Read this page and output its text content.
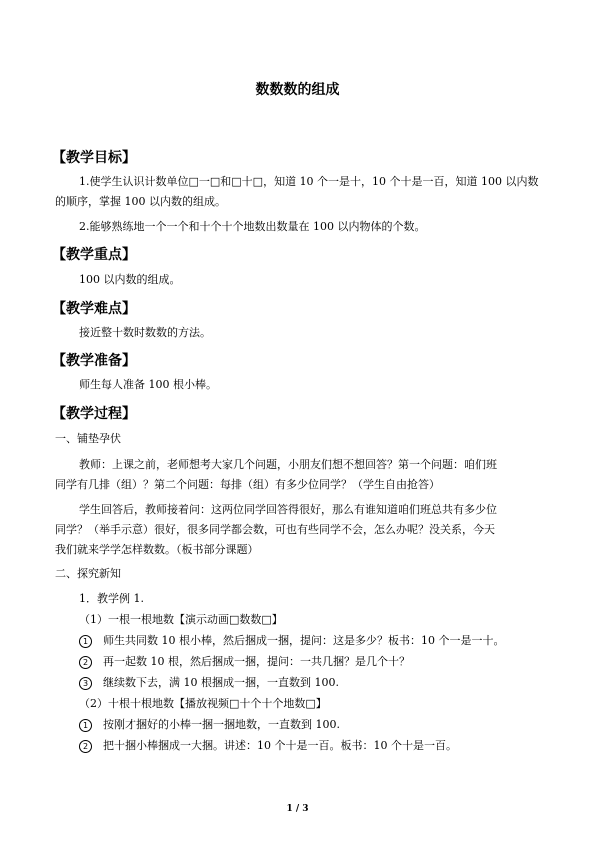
数数数的组成
【教学目标】
1.使学生认识计数单位□一□和□十□，知道 10 个一是十，10 个十是一百，知道 100 以内数
的顺序，掌握 100 以内数的组成。
2.能够熟练地一个一个和十个十个地数出数量在 100 以内物体的个数。
【教学重点】
100 以内数的组成。
【教学难点】
接近整十数时数数的方法。
【教学准备】
师生每人准备 100 根小棒。
【教学过程】
一、铺垫孕伏
教师：上课之前，老师想考大家几个问题，小朋友们想不想回答？第一个问题：咱们班
同学有几排（组）？第二个问题：每排（组）有多少位同学？（学生自由抢答）
学生回答后，教师接着问：这两位同学回答得很好，那么有谁知道咱们班总共有多少位
同学？（举手示意）很好，很多同学都会数，可也有些同学不会，怎么办呢？没关系，今天
我们就来学学怎样数数。（板书部分课题）
二、探究新知
1．教学例 1.
（1）一根一根地数【演示动画□数数□】
1	师生共同数 10 根小棒，然后捆成一捆，提问：这是多少？板书：10 个一是一十。
2	再一起数 10 根，然后捆成一捆，提问：一共几捆？是几个十？
3	继续数下去，满 10 根捆成一捆，一直数到 100.
（2）十根十根地数【播放视频□十个十个地数□】
1	按刚才捆好的小棒一捆一捆地数，一直数到 100.
2	把十捆小棒捆成一大捆。讲述：10 个十是一百。板书：10 个十是一百。
1 / 3
